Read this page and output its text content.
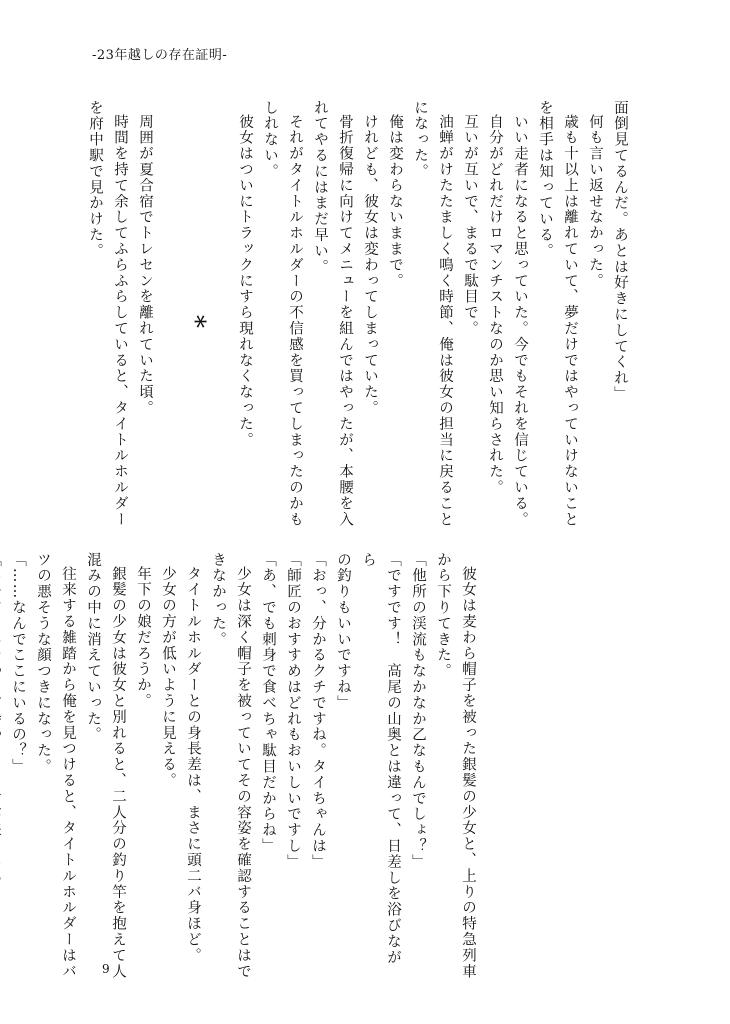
-23年越しの存在証明-
面倒見てるんだ。あとは好きにしてくれ」
何も言い返せなかった。
歳も十以上は離れていて、夢だけではやっていけないこと
を相手は知っている。
いい走者になると思っていた。今でもそれを信じている。
自分がどれだけロマンチストなのか思い知らされた。
互いが互いで、まるで駄目で。
油蝉がけたたましく鳴く時節、俺は彼女の担当に戻ること
になった。
俺は変わらないままで。
けれども、彼女は変わってしまっていた。
骨折復帰に向けてメニューを組んではやったが、本腰を入
れてやるにはまだ早い。
それがタイトルホルダーの不信感を買ってしまったのかも
しれない。
彼女はついにトラックにすら現れなくなった。
*
周囲が夏合宿でトレセンを離れていた頃。
時間を持て余してふらふらしていると、タイトルホルダー
を府中駅で見かけた。
彼女は麦わら帽子を被った銀髪の少女と、上りの特急列車
から下りてきた。
「他所の渓流もなかなか乙なもんでしょ？」
「ですです！　高尾の山奥とは違って、日差しを浴びなが
ら
の釣りもいいですね」
「おっ、分かるクチですね。タイちゃんは」
「師匠のおすすめはどれもおいしいですし」
「あ、でも刺身で食べちゃ駄目だからね」
少女は深く帽子を被っていてその容姿を確認することはで
きなかった。
タイトルホルダーとの身長差は、まさに頭二バ身ほど。
少女の方が低いように見える。
年下の娘だろうか。
銀髪の少女は彼女と別れると、二人分の釣り竿を抱えて人
混みの中に消えていった。
往来する雑踏から俺を見つけると、タイトルホルダーはバ
ツの悪そうな顔つきになった。
「……なんでここにいるの？」
9
